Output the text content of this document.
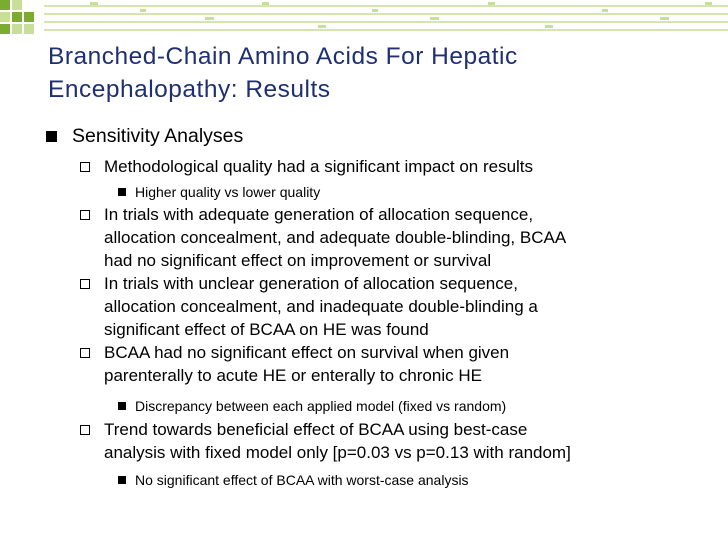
Branched-Chain Amino Acids For Hepatic
Encephalopathy: Results
Sensitivity Analyses
Methodological quality had a significant impact on results
Higher quality vs lower quality
In trials with adequate generation of allocation sequence,
allocation concealment, and adequate double-blinding, BCAA
had no significant effect on improvement or survival
In trials with unclear generation of allocation sequence,
allocation concealment, and inadequate double-blinding a
significant effect of BCAA on HE was found
BCAA had no significant effect on survival when given
parenterally to acute HE or enterally to chronic HE
Discrepancy between each applied model (fixed vs random)
Trend towards beneficial effect of BCAA using best-case
analysis with fixed model only [p=0.03 vs p=0.13 with random]
No significant effect of BCAA with worst-case analysis
